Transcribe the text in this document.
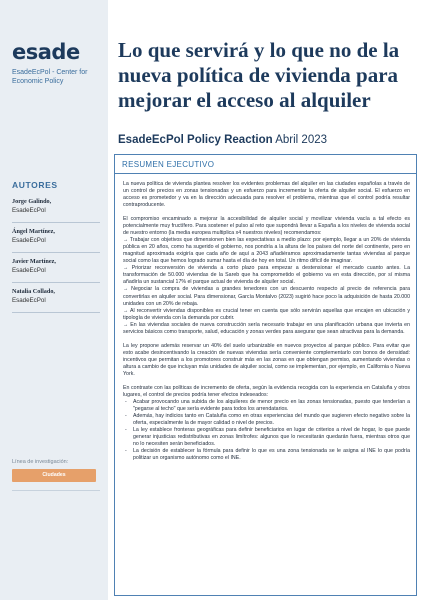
esade
EsadeEcPol - Center for Economic Policy
AUTORES
Jorge Galindo,
EsadeEcPol
Ángel Martínez,
EsadeEcPol
Javier Martínez,
EsadeEcPol
Natalia Collado,
EsadeEcPol
Línea de investigación:
Ciudades
Lo que servirá y lo que no de la nueva política de vivienda para mejorar el acceso al alquiler
EsadeEcPol Policy Reaction Abril 2023
RESUMEN EJECUTIVO

La nueva política de vivienda plantea resolver los evidentes problemas del alquiler en las ciudades españolas a través de un control de precios en zonas tensionadas y un esfuerzo para incrementar la oferta de alquiler social. El esfuerzo en acceso es prometedor y va en la dirección adecuada para resolver el problema, mientras que el control podría resultar contraproducente.

El compromiso encaminado a mejorar la accesibilidad de alquiler social y movilizar vivienda vacía a tal efecto es potencialmente muy fructífero. Para sostener el pulso al reto que supondrá llevar a España a los niveles de vivienda social de nuestro entorno (la media europea multiplica x4 nuestros niveles) recomendamos:

→ Trabajar con objetivos que dimensionen bien las expectativas a medio plazo: por ejemplo, llegar a un 20% de vivienda pública en 20 años, como ha sugerido el gobierno, nos pondría a la altura de los países del norte del continente, pero en magnitud aproximada exigiría que cada año de aquí a 2043 añadiéramos aproximadamente tantas viviendas al parque social como las que hemos logrado sumar hasta el día de hoy en total. Un ritmo difícil de imaginar.

→ Priorizar reconversión de vivienda a corto plazo para empezar a destensionar el mercado cuanto antes. La transformación de 50.000 viviendas de la Sareb que ha comprometido el gobierno va en esta dirección, por sí misma añadiría un sustancial 17% el parque actual de vivienda de alquiler social.

→ Negociar la compra de viviendas a grandes tenedores con un descuento respecto al precio de referencia para convertirlas en alquiler social. Para dimensionar, García Montalvo (2023) sugirió hace poco la adquisición de hasta 20.000 unidades con un 20% de rebaja.

→ Al reconvertir viviendas disponibles es crucial tener en cuenta que sólo servirán aquellas que encajen en ubicación y tipología de vivienda con la demanda por cubrir.

→ En las viviendas sociales de nueva construcción sería necesario trabajar en una planificación urbana que invierta en servicios básicos como transporte, salud, educación y zonas verdes para asegurar que sean atractivas para la demanda.

La ley propone además reservar un 40% del suelo urbanizable en nuevos proyectos al parque público. Para evitar que esto acabe desincentivando la creación de nuevas viviendas sería conveniente complementarlo con bonos de densidad: incentivos que permitan a los promotores construir más en las zonas en que obtengan permiso, aumentando viviendas o altura a cambio de que incluyan más unidades de alquiler social, como se implementan, por ejemplo, en California o Nueva York.

En contraste con las políticas de incremento de oferta, según la evidencia recogida con la experiencia en Cataluña y otros lugares, el control de precios podría tener efectos indeseados:

- Acabar provocando una subida de los alquileres de menor precio en las zonas tensionadas, puesto que tenderían a "pegarse al techo" que sería evidente para todos los arrendatarios.
- Además, hay indicios tanto en Cataluña como en otras experiencias del mundo que sugieren efecto negativo sobre la oferta, especialmente la de mayor calidad o nivel de precios.
- La ley establece fronteras geográficas para definir beneficiarios en lugar de criterios a nivel de hogar, lo que puede generar injusticias redistributivas en zonas limítrofes: algunos que lo necesitarán quedarán fuera, mientras otros que no lo necesiten serán beneficiados.
- La decisión de establecer la fórmula para definir lo que es una zona tensionada se le asigna al INE lo que podría politizar un organismo autónomo como el INE.
